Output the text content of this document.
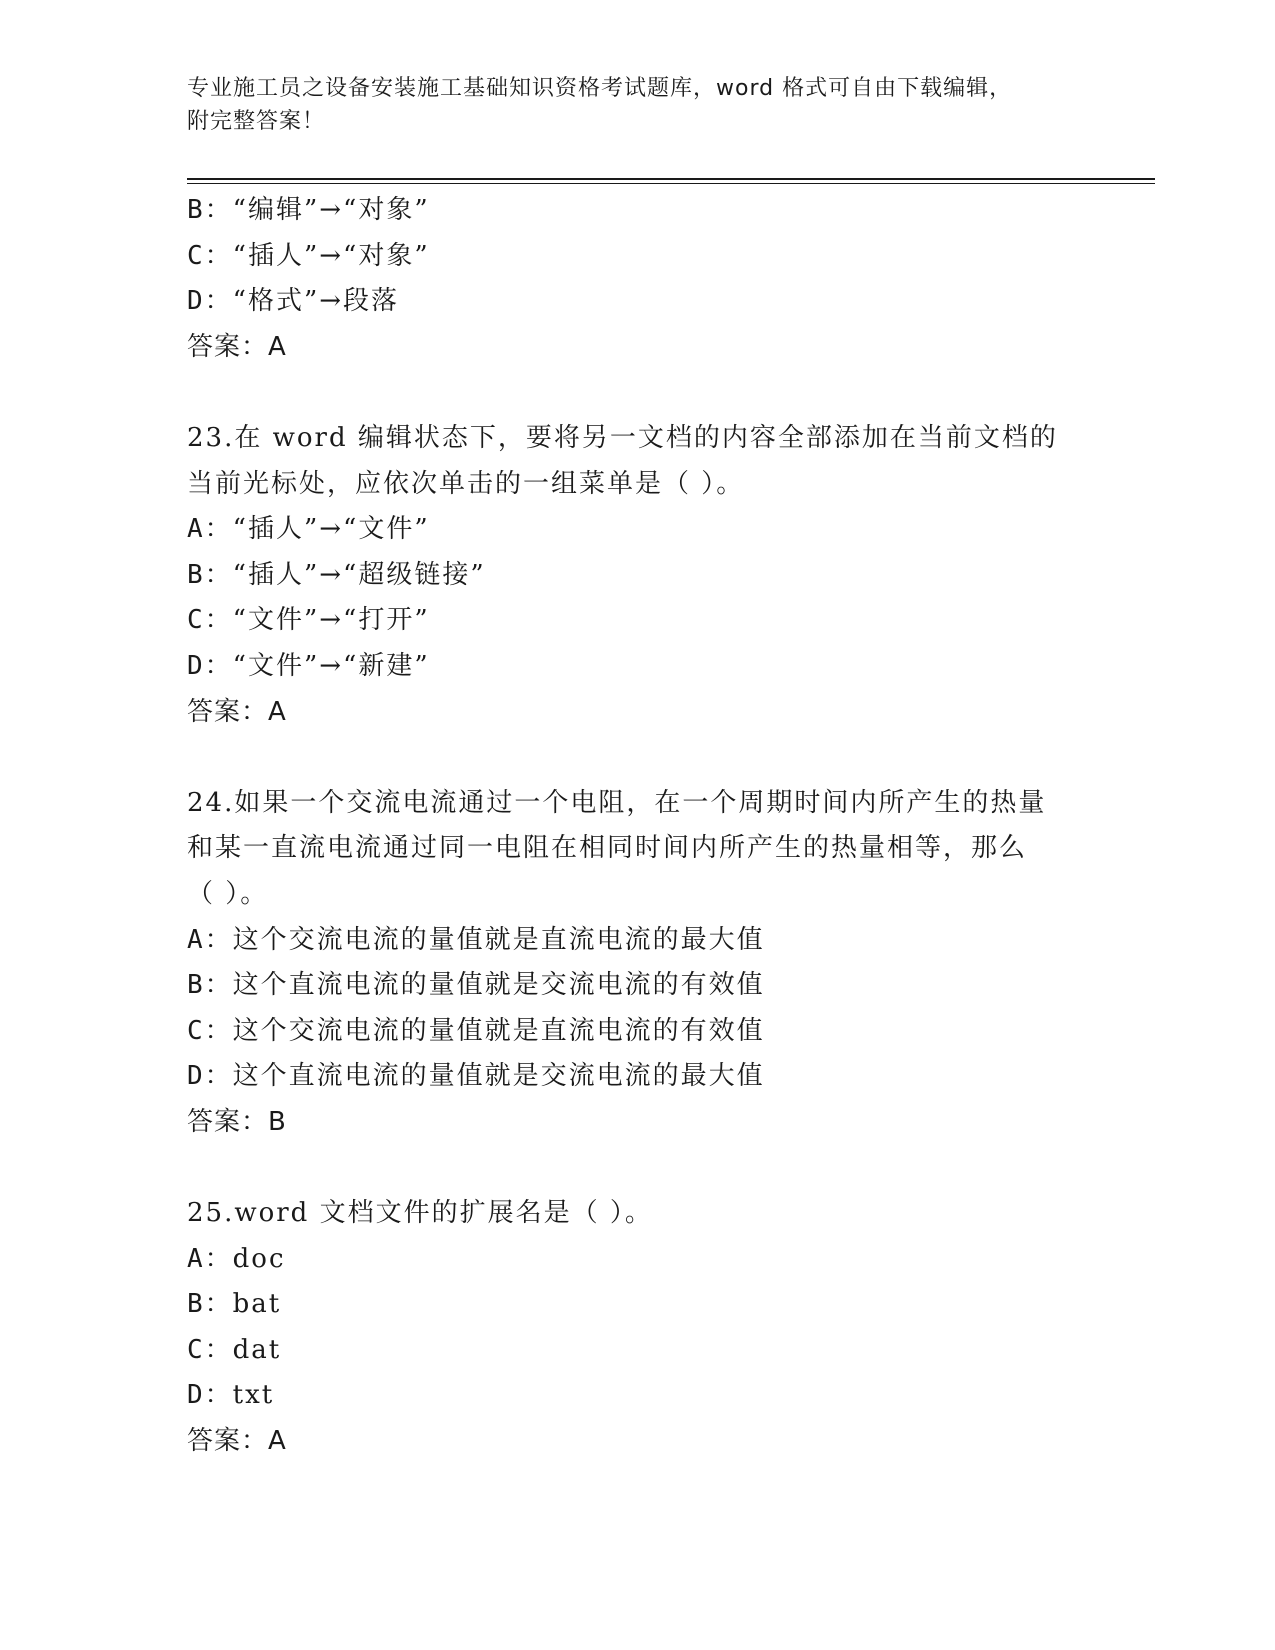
专业施工员之设备安装施工基础知识资格考试题库，word 格式可自由下载编辑，
附完整答案！
B：“编辑”→“对象”
C：“插人”→“对象”
D：“格式”→段落
答案：A
23.在 word 编辑状态下，要将另一文档的内容全部添加在当前文档的
当前光标处，应依次单击的一组菜单是（ ）。
A：“插人”→“文件”
B：“插人”→“超级链接”
C：“文件”→“打开”
D：“文件”→“新建”
答案：A
24.如果一个交流电流通过一个电阻，在一个周期时间内所产生的热量
和某一直流电流通过同一电阻在相同时间内所产生的热量相等，那么
（ ）。
A：这个交流电流的量值就是直流电流的最大值
B：这个直流电流的量值就是交流电流的有效值
C：这个交流电流的量值就是直流电流的有效值
D：这个直流电流的量值就是交流电流的最大值
答案：B
25.word 文档文件的扩展名是（ ）。
A：doc
B：bat
C：dat
D：txt
答案：A
